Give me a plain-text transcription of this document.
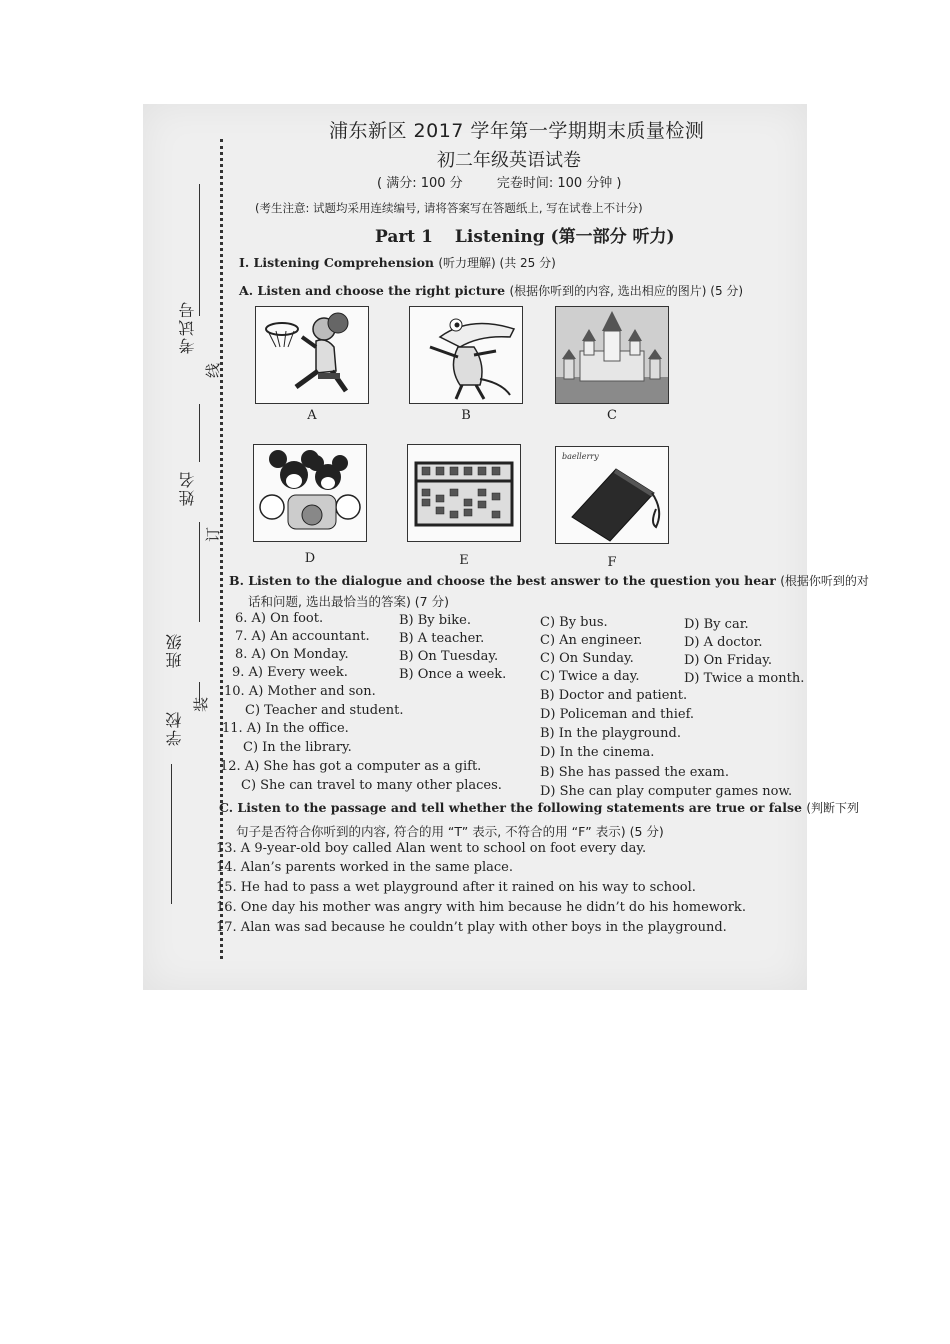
考试号
姓名
班级
学校
线
订
装
浦东新区 2017 学年第一学期期末质量检测
初二年级英语试卷
( 满分: 100 分	完卷时间: 100 分钟 )
(考生注意: 试题均采用连续编号, 请将答案写在答题纸上, 写在试卷上不计分)
Part 1 Listening (第一部分 听力)
I. Listening Comprehension (听力理解) (共 25 分)
A. Listen and choose the right picture (根据你听到的内容, 选出相应的图片) (5 分)
A	B	C
baellerry
D	E	F
B. Listen to the dialogue and choose the best answer to the question you hear (根据你听到的对
话和问题, 选出最恰当的答案) (7 分)
6. A) On foot.	B) By bike.	C) By bus.	D) By car.
7. A) An accountant. B) A teacher.	C) An engineer.	D) A doctor.
8. A) On Monday.	B) On Tuesday.	C) On Sunday.	D) On Friday.
9. A) Every week.	B) Once a week.	C) Twice a day.	D) Twice a month.
10. A) Mother and son.	B) Doctor and patient.
C) Teacher and student.	D) Policeman and thief.
11. A) In the office.	B) In the playground.
C) In the library.	D) In the cinema.
12. A) She has got a computer as a gift.	B) She has passed the exam.
C) She can travel to many other places.	D) She can play computer games now.
C. Listen to the passage and tell whether the following statements are true or false (判断下列
句子是否符合你听到的内容, 符合的用 “T” 表示, 不符合的用 “F” 表示) (5 分)
13. A 9-year-old boy called Alan went to school on foot every day.
14. Alan’s parents worked in the same place.
15. He had to pass a wet playground after it rained on his way to school.
16. One day his mother was angry with him because he didn’t do his homework.
17. Alan was sad because he couldn’t play with other boys in the playground.
